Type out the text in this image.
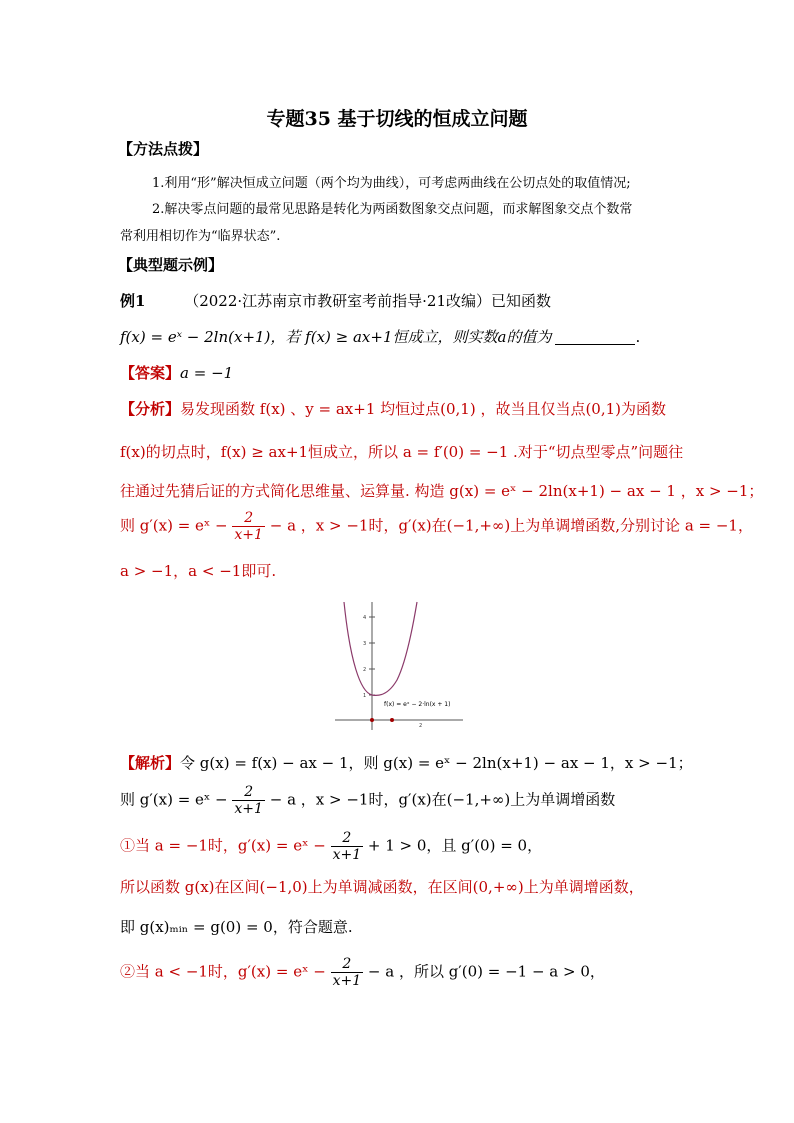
专题35 基于切线的恒成立问题
【方法点拨】
1.利用“形”解决恒成立问题（两个均为曲线），可考虑两曲线在公切点处的取值情况;
2.解决零点问题的最常见思路是转化为两函数图象交点问题，而求解图象交点个数常
常利用相切作为“临界状态”.
【典型题示例】
例1	（2022·江苏南京市教研室考前指导·21改编）已知函数
f(x) = eˣ − 2ln(x+1)，若 f(x) ≥ ax+1恒成立，则实数a的值为	.
【答案】a = −1
【分析】易发现函数 f(x) 、y = ax+1 均恒过点(0,1) ，故当且仅当点(0,1)为函数
f(x)的切点时，f(x) ≥ ax+1恒成立，所以 a = f′(0) = −1 .对于“切点型零点”问题往
往通过先猜后证的方式简化思维量、运算量. 构造 g(x) = eˣ − 2ln(x+1) − ax − 1 ，x > −1；
则 g′(x) = eˣ − $\frac{2}{x+1} - a$ ，x > −1时，g′(x)在(−1,+∞)上为单调增函数,分别讨论 a = −1，
a > −1，a < −1即可.
4
3
2
1
2
f(x) = eˣ − 2·ln(x + 1)
【解析】令 g(x) = f(x) − ax − 1，则 g(x) = eˣ − 2ln(x+1) − ax − 1，x > −1；
则 g′(x) = eˣ − $\frac{2}{x+1} - a$ ，x > −1时，g′(x)在(−1,+∞)上为单调增函数
①当 a = −1时，g′(x) = eˣ − $\frac{2}{x+1} + 1 > 0$，且 g′(0) = 0，
所以函数 g(x)在区间(−1,0)上为单调减函数，在区间(0,+∞)上为单调增函数，
即 g(x)ₘᵢₙ = g(0) = 0，符合题意.
②当 a < −1时，g′(x) = eˣ − $\frac{2}{x+1} - a$ ，所以 g′(0) = −1 − a > 0，
